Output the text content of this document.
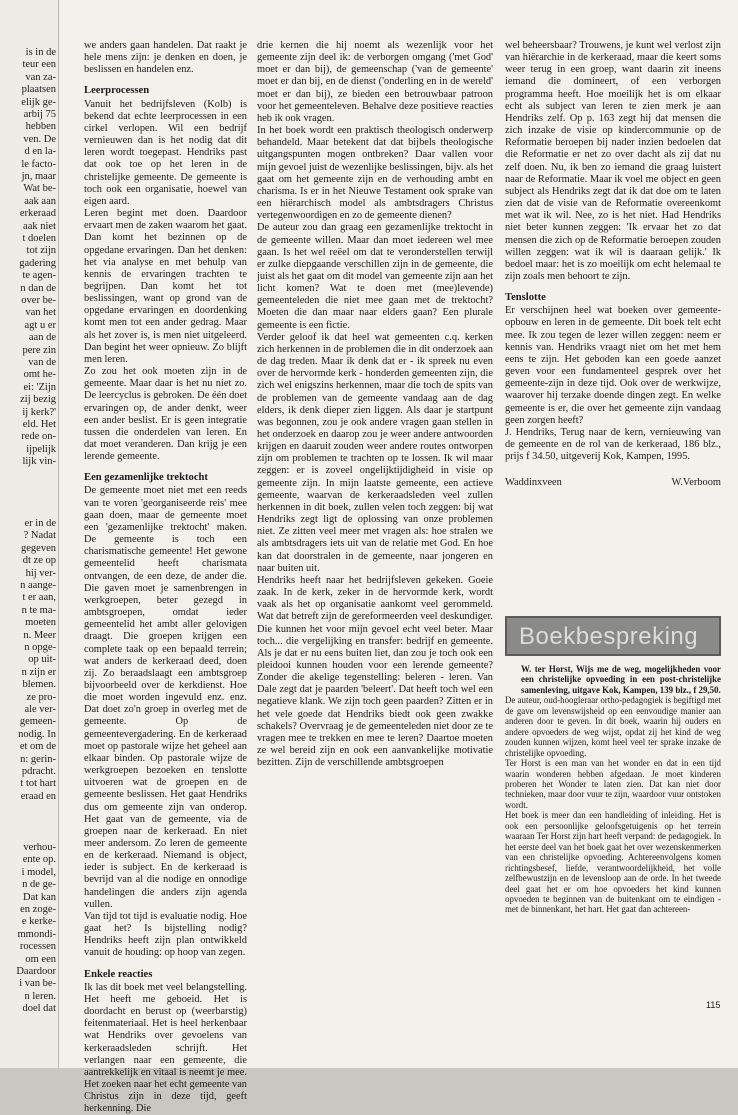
is in de
teur een
van za-
plaatsen
elijk ge-
arbij 75
hebben
ven. De
d en la-
le facto-
jn, maar
Wat be-
aak aan
erkeraad
aak niet
t doelen
tot zijn
gadering
te agen-
n dan de
over be-
van het
agt u er
aan de
pere zin
van de
omt he-
ei: 'Zijn
zij bezig
ij kerk?'
eld. Het
rede on-
ijpelijk
lijk vin-
er in de
? Nadat
gegeven
dt ze op
hij ver-
n aange-
t er aan,
n te ma-
moeten
n. Meer
n opge-
op uit-
n zijn er
blemen.
ze pro-
ale ver-
gemeen-
nodig. In
et om de
n: gerin-
pdracht.
t tot hart
eraad en
verhou-
ente op.
i model,
n de ge-
Dat kan
en zoge-
e kerke-
mmondi-
rocessen
om een
Daardoor
i van be-
n leren.
doel dat

we anders gaan handelen. Dat raakt je hele mens zijn: je denken en doen, je beslissen en handelen enz.

Leerprocessen

Vanuit het bedrijfsleven (Kolb) is bekend dat echte leerprocessen in een cirkel verlopen. Wil een bedrijf vernieuwen dan is het nodig dat dit leren wordt toegepast. Hendriks past dat ook toe op het leren in de christelijke gemeente. De gemeente is toch ook een organisatie, hoewel van eigen aard.

Leren begint met doen. Daardoor ervaart men de zaken waarom het gaat. Dan komt het bezinnen op de opgedane ervaringen. Dan het denken: het via analyse en met behulp van kennis de ervaringen trachten te begrijpen. Dan komt het tot beslissingen, want op grond van de opgedane ervaringen en doordenking komt men tot een ander gedrag. Maar als het zover is, is men niet uitgeleerd. Dan begint het weer opnieuw. Zo blijft men leren.

Zo zou het ook moeten zijn in de gemeente. Maar daar is het nu niet zo. De leercyclus is gebroken. De één doet ervaringen op, de ander denkt, weer een ander beslist. Er is geen integratie tussen die onderdelen van leren. En dat moet veranderen. Dan krijg je een lerende gemeente.

Een gezamenlijke trektocht

De gemeente moet niet met een reeds van te voren 'georganiseerde reis' mee gaan doen, maar de gemeente moet een 'gezamenlijke trektocht' maken. De gemeente is toch een charismatische gemeente! Het gewone gemeentelid heeft charismata ontvangen, de een deze, de ander die. Die gaven moet je samenbrengen in werkgroepen, beter gezegd in ambtsgroepen, omdat ieder gemeentelid het ambt aller gelovigen draagt. Die groepen krijgen een complete taak op een bepaald terrein; wat anders de kerkeraad deed, doen zij. Zo beraadslaagt een ambtsgroep bijvoorbeeld over de kerkdienst. Hoe die moet worden ingevuld enz. enz. Dat doet zo'n groep in overleg met de gemeente. Op de gemeentevergadering. En de kerkeraad moet op pastorale wijze het geheel aan elkaar binden. Op pastorale wijze de werkgroepen bezoeken en tenslotte uitvoeren wat de groepen en de gemeente beslissen. Het gaat Hendriks dus om gemeente zijn van onderop. Het gaat van de gemeente, via de groepen naar de kerkeraad. En niet meer andersom. Zo leren de gemeente en de kerkeraad. Niemand is object, ieder is subject. En de kerkeraad is bevrijd van al die nodige en onnodige handelingen die anders zijn agenda vullen.

Van tijd tot tijd is evaluatie nodig. Hoe gaat het? Is bijstelling nodig? Hendriks heeft zijn plan ontwikkeld vanuit de houding: op hoop van zegen.

Enkele reacties

Ik las dit boek met veel belangstelling. Het heeft me geboeid. Het is doordacht en berust op (weerbarstig) feitenmateriaal. Het is heel herkenbaar wat Hendriks over gevoelens van kerkeraadsleden schrijft. Het verlangen naar een gemeente, die aantrekkelijk en vitaal is neemt je mee. Het zoeken naar het echt gemeente van Christus zijn in deze tijd, geeft herkenning. Die

drie kernen die hij noemt als wezenlijk voor het gemeente zijn deel ik: de verborgen omgang ('met God' moet er dan bij), de gemeenschap ('van de gemeente' moet er dan bij, en de dienst ('onderling en in de wereld' moet er dan bij), ze bieden een betrouwbaar patroon voor het gemeenteleven. Behalve deze positieve reacties heb ik ook vragen.

In het boek wordt een praktisch theologisch onderwerp behandeld. Maar betekent dat dat bijbels theologische uitgangspunten mogen ontbreken? Daar vallen voor mijn gevoel juist de wezenlijke beslissingen, bijv. als het gaat om het gemeente zijn en de verhouding ambt en charisma. Is er in het Nieuwe Testament ook sprake van een hiërarchisch model als ambtsdragers Christus vertegenwoordigen en zo de gemeente dienen?

De auteur zou dan graag een gezamenlijke trektocht in de gemeente willen. Maar dan moet iedereen wel mee gaan. Is het wel reëel om dat te veronderstellen terwijl er zulke diepgaande verschillen zijn in de gemeente, die juist als het gaat om dit model van gemeente zijn aan het licht komen? Wat te doen met (mee)levende) gemeenteleden die niet mee gaan met de trektocht? Moeten die dan maar naar elders gaan? Een plurale gemeente is een fictie.

Verder geloof ik dat heel wat gemeenten c.q. kerken zich herkennen in de problemen die in dit onderzoek aan de dag treden. Maar ik denk dat er - ik spreek nu even over de hervormde kerk - honderden gemeenten zijn, die zich wel enigszins herkennen, maar die toch de spits van de problemen van de gemeente vandaag aan de dag elders, ik denk dieper zien liggen. Als daar je startpunt was begonnen, zou je ook andere vragen gaan stellen in het onderzoek en daarop zou je weer andere antwoorden krijgen en daaruit zouden weer andere routes ontworpen zijn om problemen te trachten op te lossen. Ik wil maar zeggen: er is zoveel ongelijktijdigheid in visie op gemeente zijn. In mijn laatste gemeente, een actieve gemeente, waarvan de kerkeraadsleden veel zullen herkennen in dit boek, zullen velen toch zeggen: bij wat Hendriks zegt ligt de oplossing van onze problemen niet. Ze zitten veel meer met vragen als: hoe stralen we als ambtsdragers iets uit van de relatie met God. En hoe kan dat doorstralen in de gemeente, naar jongeren en naar buiten uit.

Hendriks heeft naar het bedrijfsleven gekeken. Goeie zaak. In de kerk, zeker in de hervormde kerk, wordt vaak als het op organisatie aankomt veel gerommeld. Wat dat betreft zijn de gereformeerden veel deskundiger. Die kunnen het voor mijn gevoel echt veel beter. Maar toch... die vergelijking en transfer: bedrijf en gemeente. Als je dat er nu eens buiten liet, dan zou je toch ook een pleidooi kunnen houden voor een lerende gemeente? Zonder die akelige tegenstelling: beleren - leren. Van Dale zegt dat je paarden 'beleert'. Dat heeft toch wel een negatieve klank. We zijn toch geen paarden? Zitten er in het vele goede dat Hendriks biedt ook geen zwakke schakels? Overvraag je de gemeenteleden niet door ze te vragen mee te trekken en mee te leren? Daartoe moeten ze wel bereid zijn en ook een aanvankelijke motivatie bezitten. Zijn de verschillende ambtsgroepen

wel beheersbaar? Trouwens, je kunt wel verlost zijn van hiërarchie in de kerkeraad, maar die keert soms weer terug in een groep, want daarin zit ineens iemand die domineert, of een verborgen programma heeft. Hoe moeilijk het is om elkaar echt als subject van leren te zien merk je aan Hendriks zelf. Op p. 163 zegt hij dat mensen die zich inzake de visie op kindercommunie op de Reformatie beroepen bij nader inzien bedoelen dat die Reformatie er net zo over dacht als zij dat nu zelf doen. Nu, ik ben zo iemand die graag luistert naar de Reformatie. Maar ik voel me object en geen subject als Hendriks zegt dat ik dat doe om te laten zien dat de visie van de Reformatie overeenkomt met wat ik wil. Nee, zo is het niet. Had Hendriks niet beter kunnen zeggen: 'Ik ervaar het zo dat mensen die zich op de Reformatie beroepen zouden willen zeggen: wat ik wil is daaraan gelijk.' Ik bedoel maar: het is zo moeilijk om echt helemaal te zijn zoals men behoort te zijn.

Tenslotte

Er verschijnen heel wat boeken over gemeente-opbouw en leren in de gemeente. Dit boek telt echt mee. Ik zou tegen de lezer willen zeggen: neem er kennis van. Hendriks vraagt niet om het met hem eens te zijn. Het geboden kan een goede aanzet geven voor een fundamenteel gesprek over het gemeente-zijn in deze tijd. Ook over de werkwijze, waarover hij terzake doende dingen zegt. En welke gemeente is er, die over het gemeente zijn vandaag geen zorgen heeft?

J. Hendriks, Terug naar de kern, vernieuwing van de gemeente en de rol van de kerkeraad, 186 blz., prijs f 34.50, uitgeverij Kok, Kampen, 1995.

Waddinxveen	W.Verboom
Boekbespreking

W. ter Horst, Wijs me de weg, mogelijkheden voor een christelijke opvoeding in een post-christelijke samenleving, uitgave Kok, Kampen, 139 blz., f 29,50.

De auteur, oud-hoogleraar ortho-pedagogiek is begiftigd met de gave om levenswijsheid op een eenvoudige manier aan anderen door te geven. In dit boek, waarin hij ouders en andere opvoeders de weg wijst, opdat zij het kind de weg zouden kunnen wijzen, komt heel veel ter sprake inzake de christelijke opvoeding.

Ter Horst is een man van het wonder en dat in een tijd waarin wonderen hebben afgedaan. Je moet kinderen proberen het Wonder te laten zien. Dat kan niet door technieken, maar door vuur te zijn, waardoor vuur ontstoken wordt.

Het boek is meer dan een handleiding of inleiding. Het is ook een persoonlijke geloofsgetuigenis op het terrein waaraan Ter Horst zijn hart heeft verpand: de pedagogiek. In het eerste deel van het boek gaat het over wezenskenmerken van een christelijke opvoeding. Achtereenvolgens komen richtingsbesef, liefde, verantwoordelijkheid, het volle zelfbewustzijn en de levensloop aan de orde. In het tweede deel gaat het er om hoe opvoeders het kind kunnen opvoeden te beginnen van de buitenkant om te eindigen - met de binnenkant, het hart. Het gaat dan achtereen-

115
